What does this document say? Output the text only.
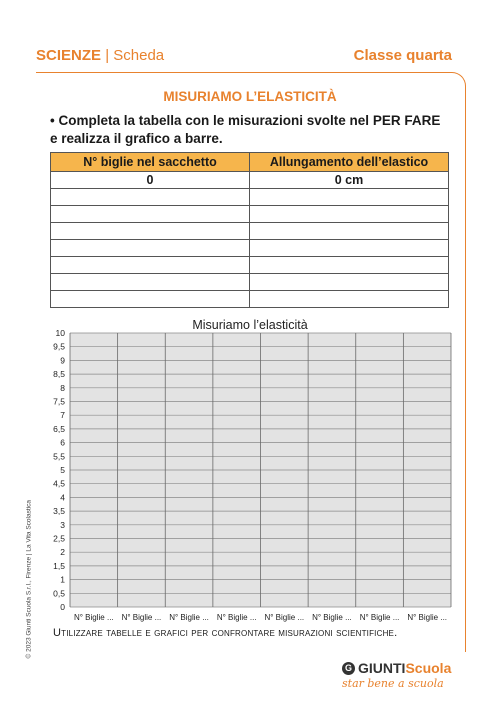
SCIENZE | Scheda	Classe quarta
MISURIAMO L’ELASTICITÀ
• Completa la tabella con le misurazioni svolte nel PER FARE e realizza il grafico a barre.
N° biglie nel sacchetto	Allungamento dell’elastico
0	0 cm

Misuriamo l’elasticità
0
0,5
1
1,5
2
2,5
3
3,5
4
4,5
5
5,5
6
6,5
7
7,5
8
8,5
9
9,5
10
N° Biglie ... N° Biglie ... N° Biglie ... N° Biglie ... N° Biglie ... N° Biglie ... N° Biglie ... N° Biglie ...
Utilizzare tabelle e grafici per confrontare misurazioni scientifiche.
© 2023 Giunti Scuola S.r.l., Firenze | La Vita Scolastica
G GIUNTI Scuola
star bene a scuola
